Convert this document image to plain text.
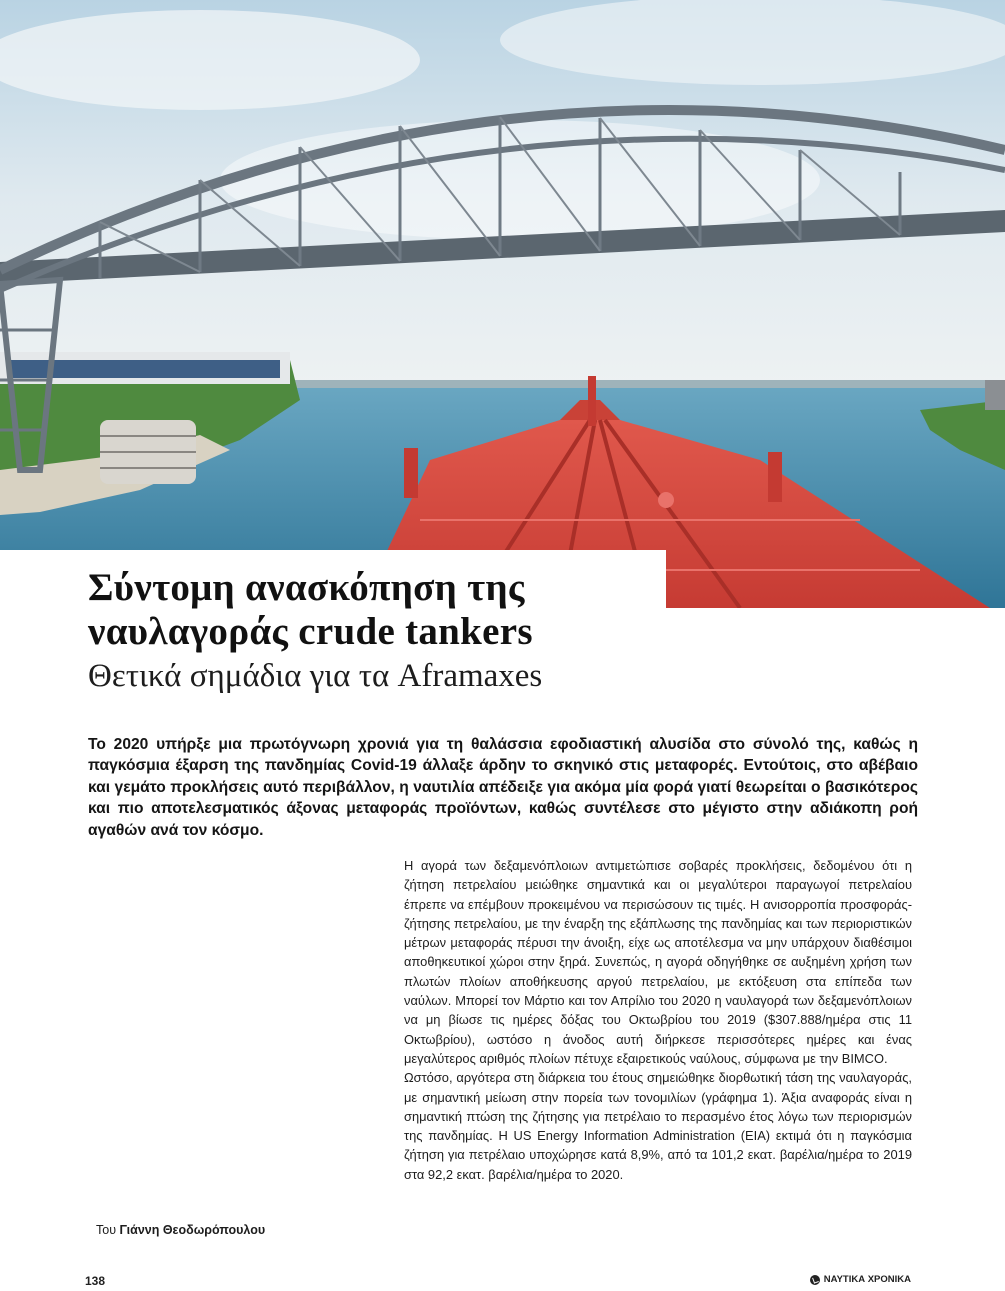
Σύντομη ανασκόπηση της
ναυλαγοράς crude tankers
Θετικά σημάδια για τα Aframaxes

Το 2020 υπήρξε μια πρωτόγνωρη χρονιά για τη θαλάσσια εφοδιαστική αλυσίδα στο σύνολό της, καθώς η παγκόσμια έξαρση της πανδημίας Covid-19 άλλαξε άρδην το σκηνικό στις μεταφορές. Εντούτοις, στο αβέβαιο και γεμάτο προκλήσεις αυτό περιβάλλον, η ναυτιλία απέδειξε για ακόμα μία φορά γιατί θεωρείται ο βασικότερος και πιο αποτελεσματικός άξονας μεταφοράς προϊόντων, καθώς συντέλεσε στο μέγιστο στην αδιάκοπη ροή αγαθών ανά τον κόσμο.

Η αγορά των δεξαμενόπλοιων αντιμετώπισε σοβαρές προκλήσεις, δεδομένου ότι η ζήτηση πετρελαίου μειώθηκε σημαντικά και οι μεγαλύτεροι παραγωγοί πετρελαίου έπρεπε να επέμβουν προκειμένου να περισώσουν τις τιμές. Η ανισορροπία προσφοράς-ζήτησης πετρελαίου, με την έναρξη της εξάπλωσης της πανδημίας και των περιοριστικών μέτρων μεταφοράς πέρυσι την άνοιξη, είχε ως αποτέλεσμα να μην υπάρχουν διαθέσιμοι αποθηκευτικοί χώροι στην ξηρά. Συνεπώς, η αγορά οδηγήθηκε σε αυξημένη χρήση των πλωτών πλοίων αποθήκευσης αργού πετρελαίου, με εκτόξευση στα επίπεδα των ναύλων. Μπορεί τον Μάρτιο και τον Απρίλιο του 2020 η ναυλαγορά των δεξαμενόπλοιων να μη βίωσε τις ημέρες δόξας του Οκτωβρίου του 2019 ($307.888/ημέρα στις 11 Οκτωβρίου), ωστόσο η άνοδος αυτή διήρκεσε περισσότερες ημέρες και ένας μεγαλύτερος αριθμός πλοίων πέτυχε εξαιρετικούς ναύλους, σύμφωνα με την BIMCO.

Ωστόσο, αργότερα στη διάρκεια του έτους σημειώθηκε διορθωτική τάση της ναυλαγοράς, με σημαντική μείωση στην πορεία των τονομιλίων (γράφημα 1). Άξια αναφοράς είναι η σημαντική πτώση της ζήτησης για πετρέλαιο το περασμένο έτος λόγω των περιορισμών της πανδημίας. Η US Energy Information Administration (EIA) εκτιμά ότι η παγκόσμια ζήτηση για πετρέλαιο υποχώρησε κατά 8,9%, από τα 101,2 εκατ. βαρέλια/ημέρα το 2019 στα 92,2 εκατ. βαρέλια/ημέρα το 2020.

Του Γιάννη Θεοδωρόπουλου
138	ΝΑΥΤΙΚΑ ΧΡΟΝΙΚΑ
